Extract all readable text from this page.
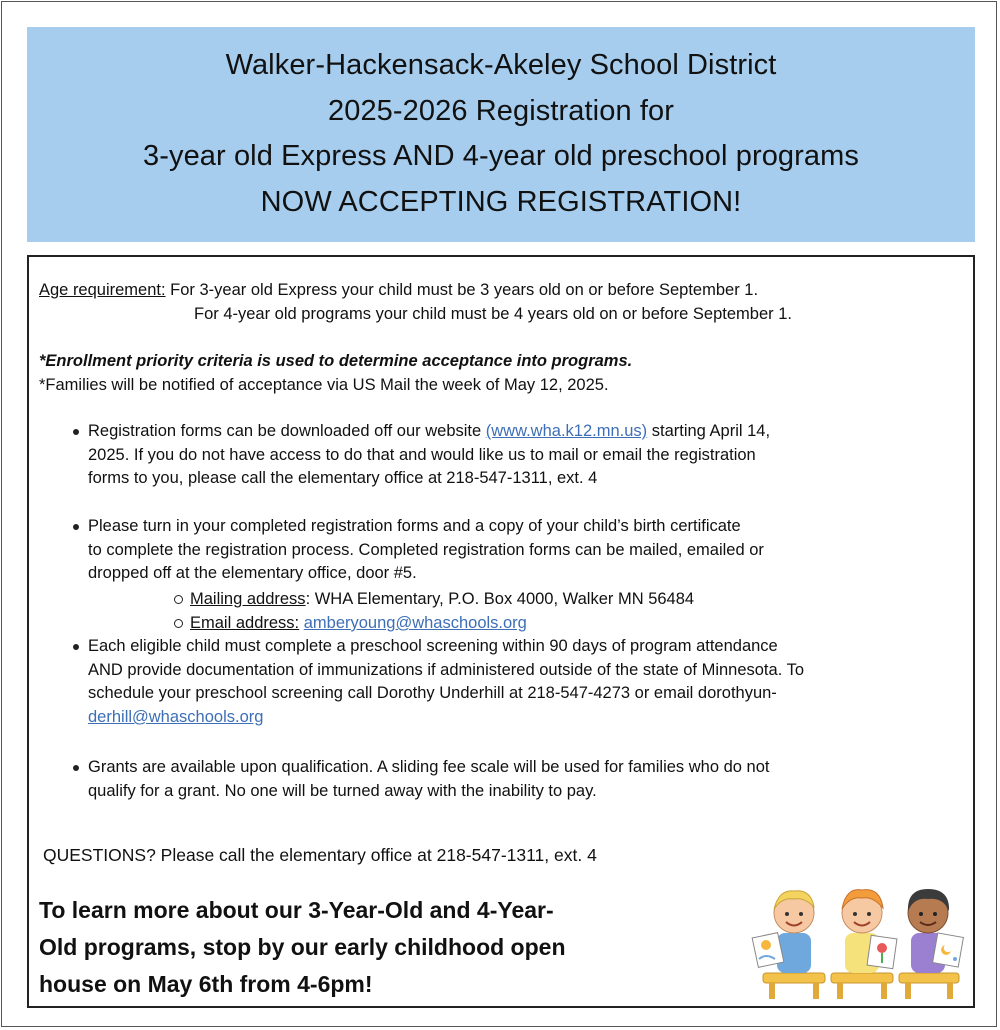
Walker-Hackensack-Akeley School District
2025-2026 Registration for
3-year old Express AND 4-year old preschool programs
NOW ACCEPTING REGISTRATION!
Age requirement: For 3-year old Express your child must be 3 years old on or before September 1.
For 4-year old programs your child must be 4 years old on or before September 1.
*Enrollment priority criteria is used to determine acceptance into programs.
*Families will be notified of acceptance via US Mail the week of May 12, 2025.

Registration forms can be downloaded off our website (www.wha.k12.mn.us) starting April 14,

2025. If you do not have access to do that and would like us to mail or email the registration

forms to you, please call the elementary office at 218-547-1311, ext. 4

Please turn in your completed registration forms and a copy of your child’s birth certificate

to complete the registration process. Completed registration forms can be mailed, emailed or

dropped off at the elementary office, door #5.

Mailing address: WHA Elementary, P.O. Box 4000, Walker MN 56484
Email address: amberyoung@whaschools.org

Each eligible child must complete a preschool screening within 90 days of program attendance

AND provide documentation of immunizations if administered outside of the state of Minnesota. To

schedule your preschool screening call Dorothy Underhill at 218-547-4273 or email dorothyun-

derhill@whaschools.org

Grants are available upon qualification. A sliding fee scale will be used for families who do not

qualify for a grant. No one will be turned away with the inability to pay.

QUESTIONS? Please call the elementary office at 218-547-1311, ext. 4
To learn more about our 3-Year-Old and 4-Year-
Old programs, stop by our early childhood open
house on May 6th from 4-6pm!
